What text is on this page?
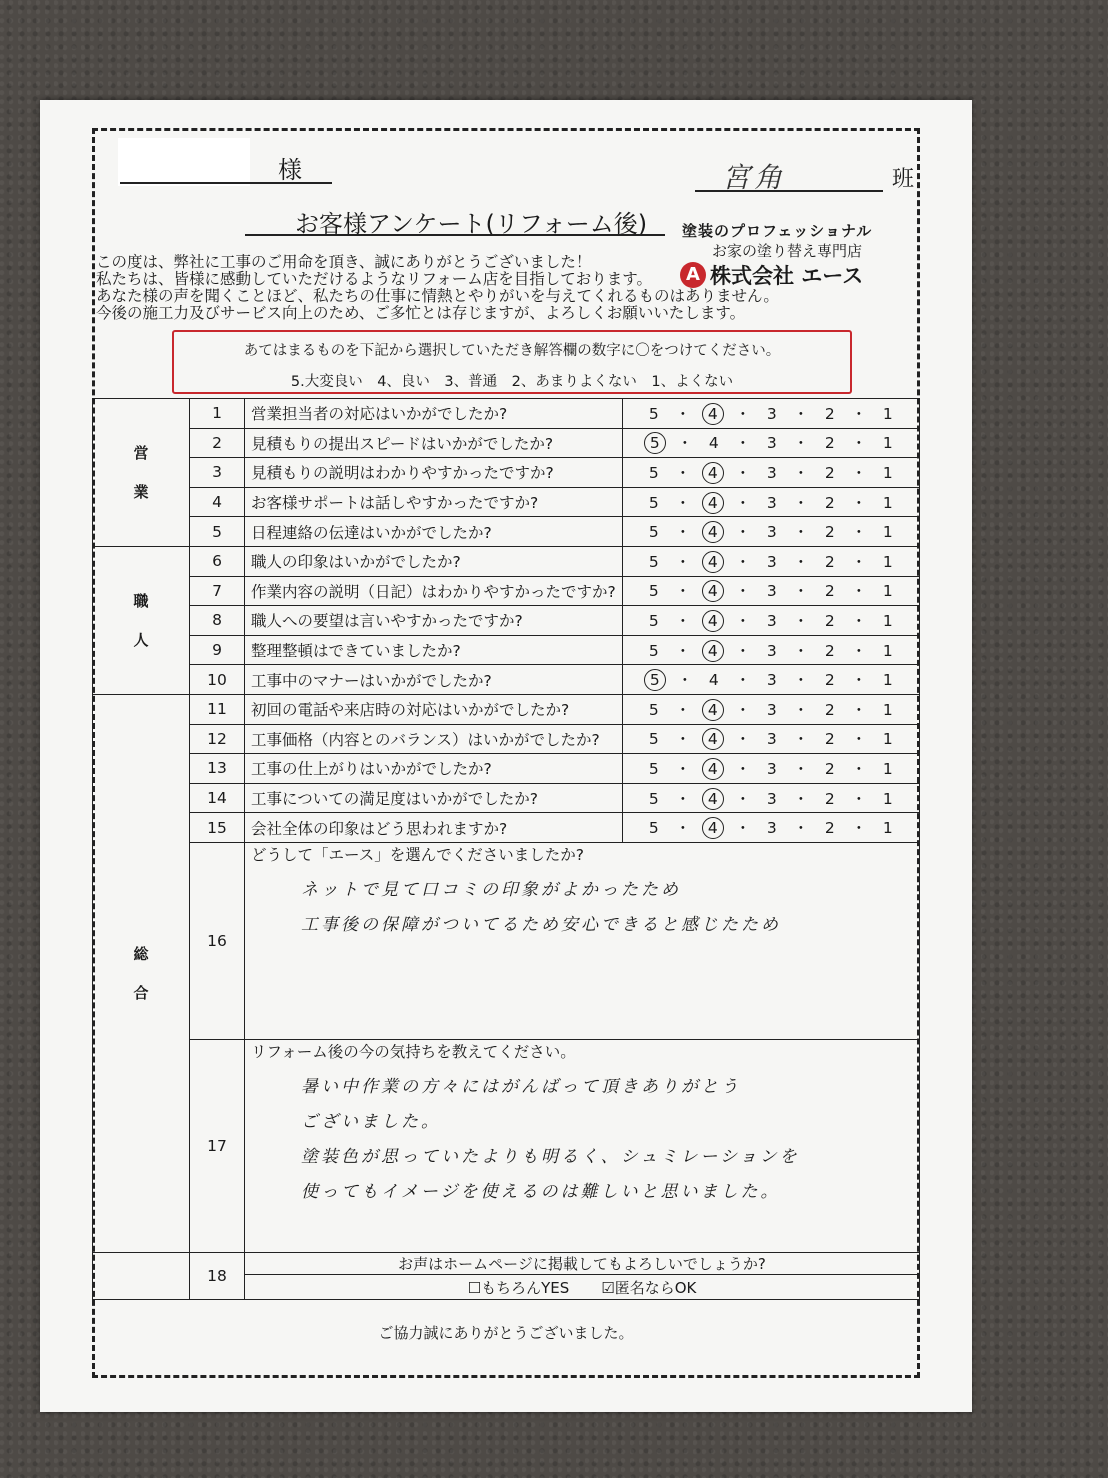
様	宮角	班
お客様アンケート(リフォーム後) 塗装のプロフェッショナル
お家の塗り替え専門店
A 株式会社 エース
この度は、弊社に工事のご用命を頂き、誠にありがとうございました！
私たちは、皆様に感動していただけるようなリフォーム店を目指しております。
あなた様の声を聞くことほど、私たちの仕事に情熱とやりがいを与えてくれるものはありません。
今後の施工力及びサービス向上のため、ご多忙とは存じますが、よろしくお願いいたします。
あてはまるものを下記から選択していただき解答欄の数字に〇をつけてください。
5.大変良い　4、良い　3、普通　2、あまりよくない　1、よくない
営
業	1	営業担当者の対応はいかがでしたか?	5 ・ 4 ・ 3 ・ 2 ・ 1
	2	見積もりの提出スピードはいかがでしたか?	5 ・ 4 ・ 3 ・ 2 ・ 1
	3	見積もりの説明はわかりやすかったですか?	5 ・ 4 ・ 3 ・ 2 ・ 1
	4	お客様サポートは話しやすかったですか?	5 ・ 4 ・ 3 ・ 2 ・ 1
	5	日程連絡の伝達はいかがでしたか?	5 ・ 4 ・ 3 ・ 2 ・ 1

職
人	6	職人の印象はいかがでしたか?	5 ・ 4 ・ 3 ・ 2 ・ 1
	7	作業内容の説明（日記）はわかりやすかったですか?	5 ・ 4 ・ 3 ・ 2 ・ 1
	8	職人への要望は言いやすかったですか?	5 ・ 4 ・ 3 ・ 2 ・ 1
	9	整理整頓はできていましたか?	5 ・ 4 ・ 3 ・ 2 ・ 1
	10	工事中のマナーはいかがでしたか?	5 ・ 4 ・ 3 ・ 2 ・ 1

総
合	11	初回の電話や来店時の対応はいかがでしたか?	5 ・ 4 ・ 3 ・ 2 ・ 1
	12	工事価格（内容とのバランス）はいかがでしたか?	5 ・ 4 ・ 3 ・ 2 ・ 1
	13	工事の仕上がりはいかがでしたか?	5 ・ 4 ・ 3 ・ 2 ・ 1
	14	工事についての満足度はいかがでしたか?	5 ・ 4 ・ 3 ・ 2 ・ 1
	15	会社全体の印象はどう思われますか?	5 ・ 4 ・ 3 ・ 2 ・ 1
	16	どうして「エース」を選んでくださいましたか?
ネットで見て口コミの印象がよかったため
工事後の保障がついてるため安心できると感じたため	

	17	リフォーム後の今の気持ちを教えてください。
暑い中作業の方々にはがんばって頂きありがとう
ございました。
塗装色が思っていたよりも明るく、シュミレーションを
使ってもイメージを使えるのは難しいと思いました。	

	18	お声はホームページに掲載してもよろしいでしょうか?
☐もちろんYES ☑匿名ならOK	
ご協力誠にありがとうございました。
